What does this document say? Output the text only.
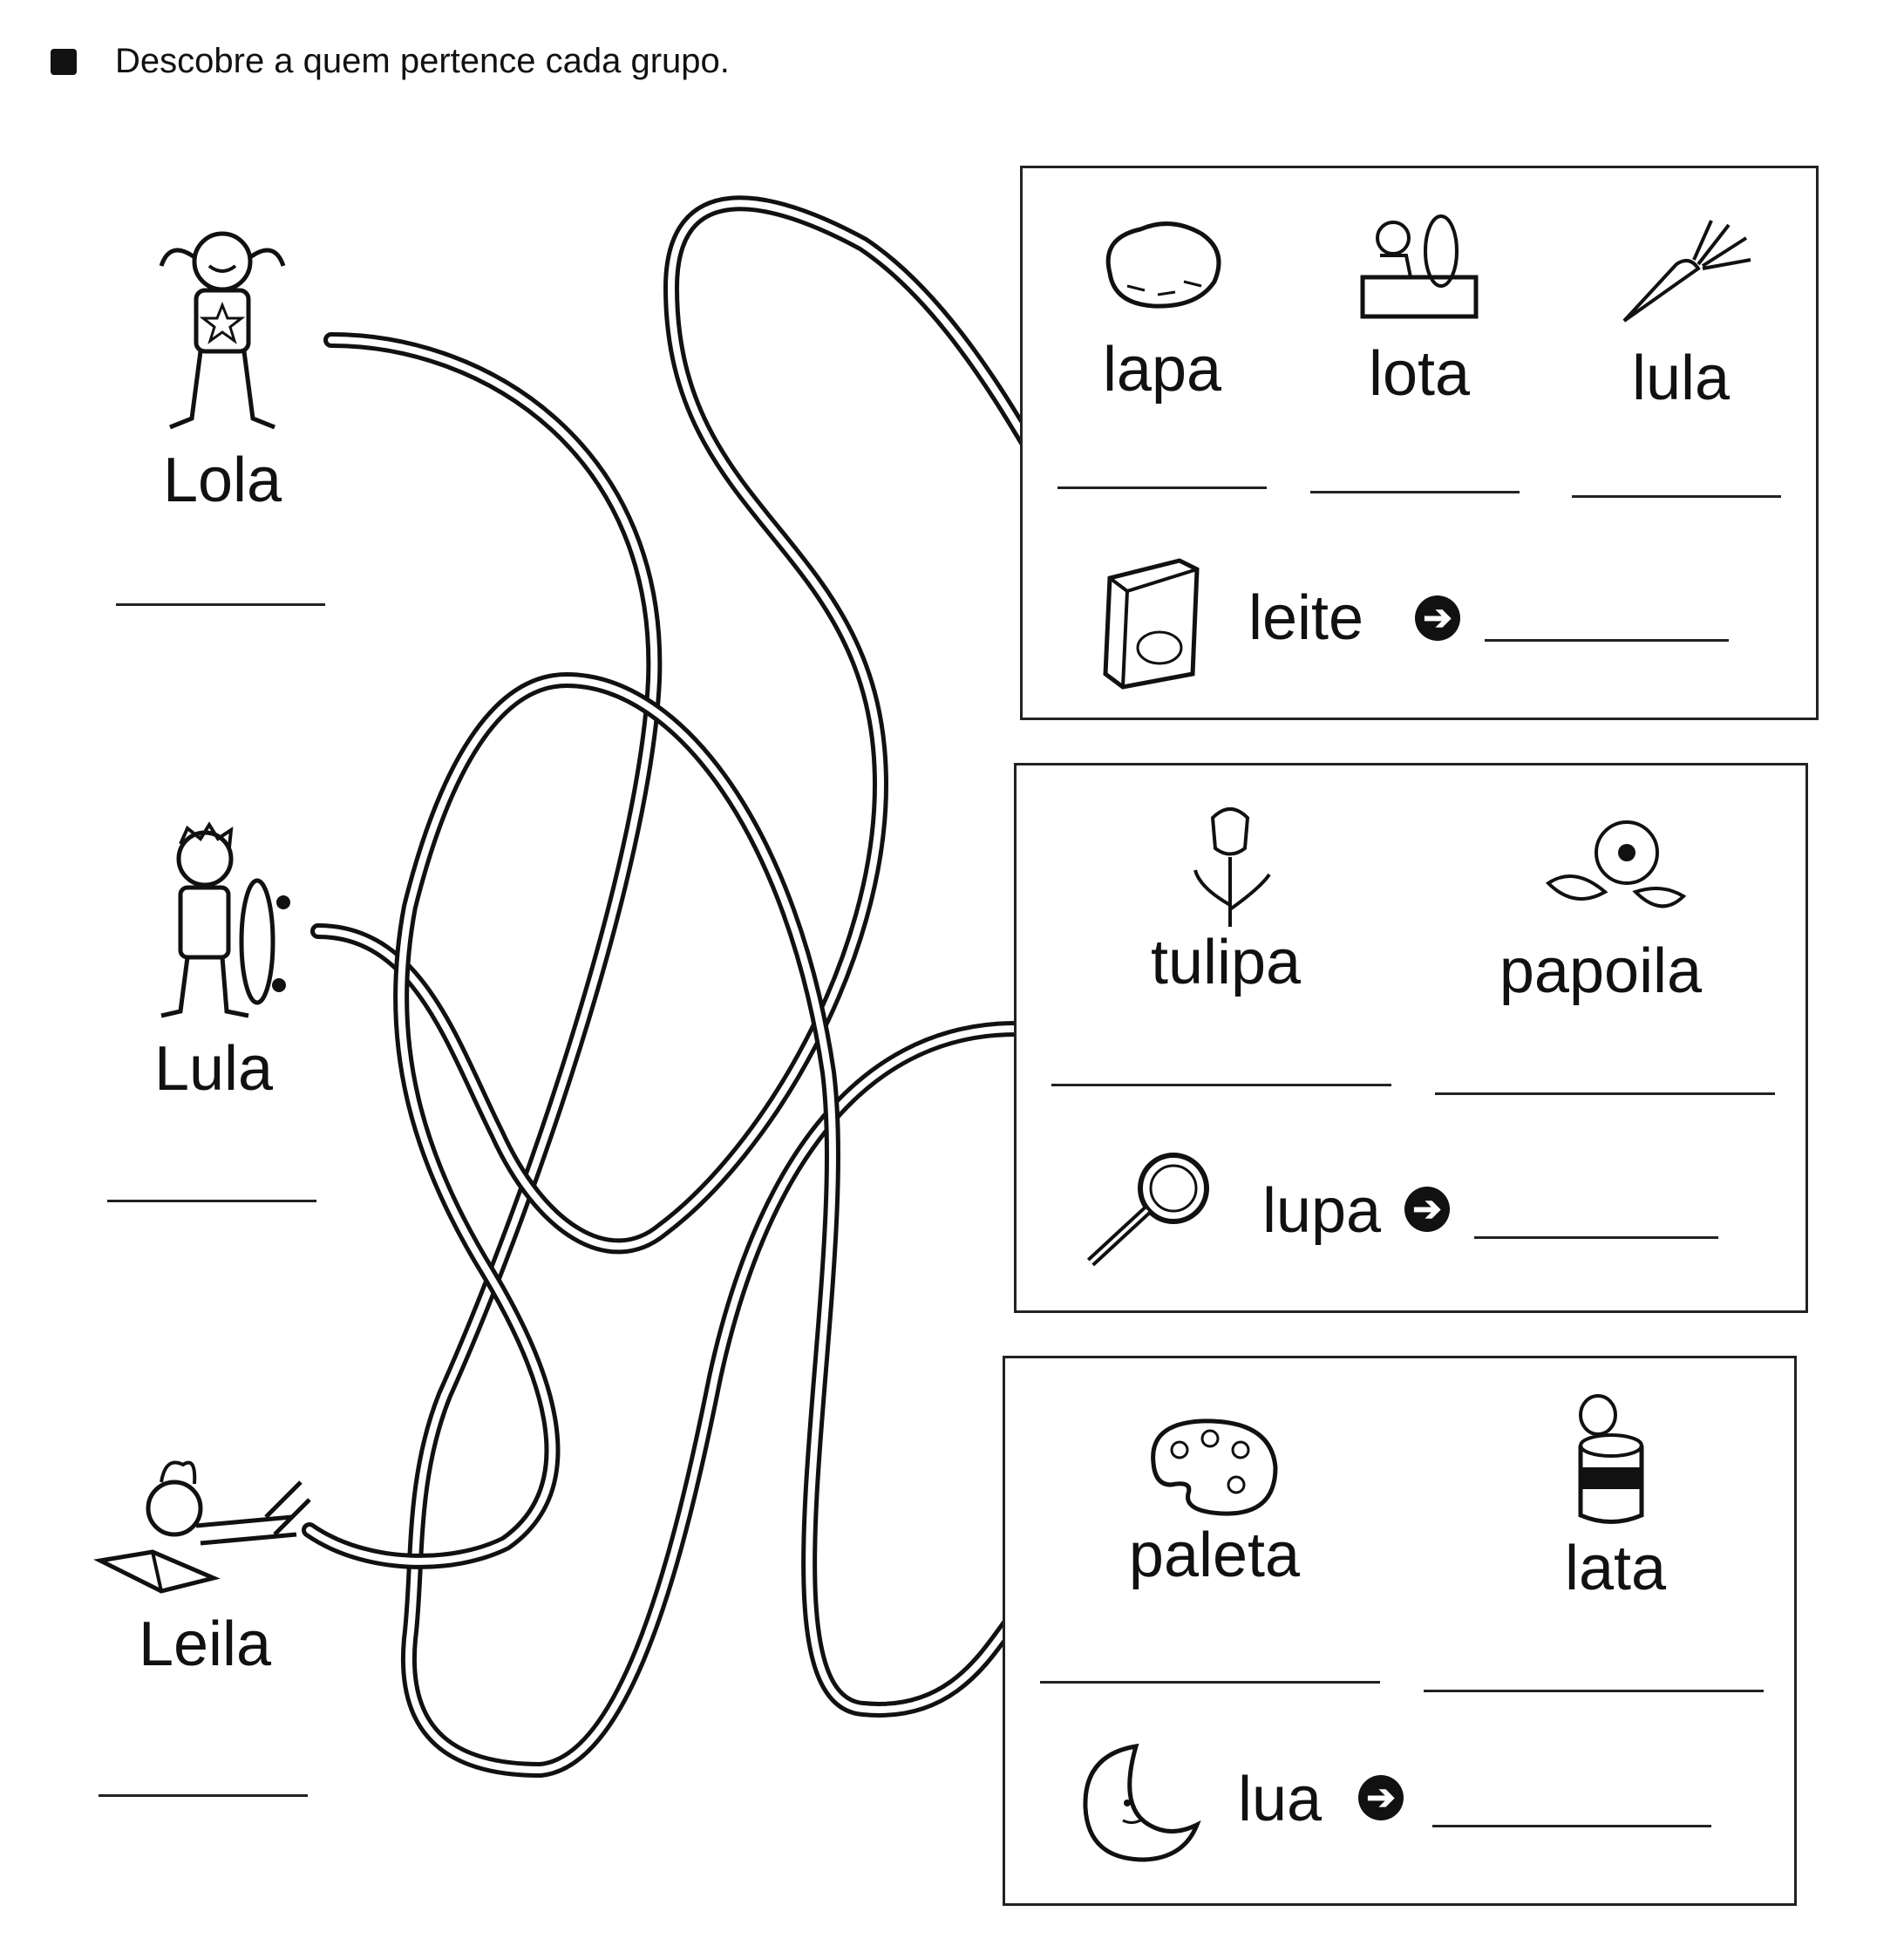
Descobre a quem pertence cada grupo.
Lola
Lula
Leila
lapa	lota	lula
leite	➔
tulipa	papoila
lupa ➔
paleta	lata
lua	➔
